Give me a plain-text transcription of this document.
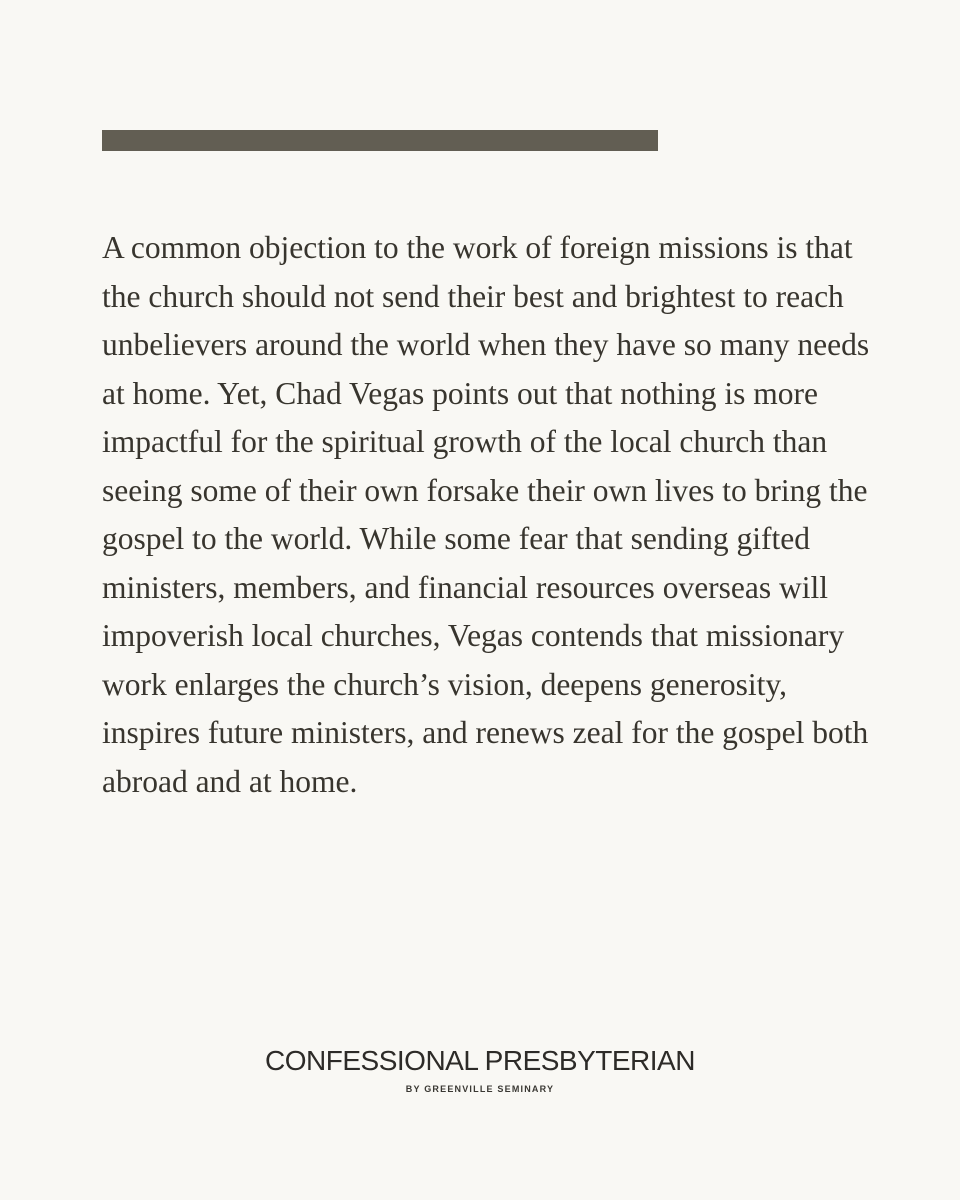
A common objection to the work of foreign missions is that the church should not send their best and brightest to reach unbelievers around the world when they have so many needs at home. Yet, Chad Vegas points out that nothing is more impactful for the spiritual growth of the local church than seeing some of their own forsake their own lives to bring the gospel to the world. While some fear that sending gifted ministers, members, and financial resources overseas will impoverish local churches, Vegas contends that missionary work enlarges the church’s vision, deepens generosity, inspires future ministers, and renews zeal for the gospel both abroad and at home.

CONFESSIONAL PRESBYTERIAN
BY GREENVILLE SEMINARY
